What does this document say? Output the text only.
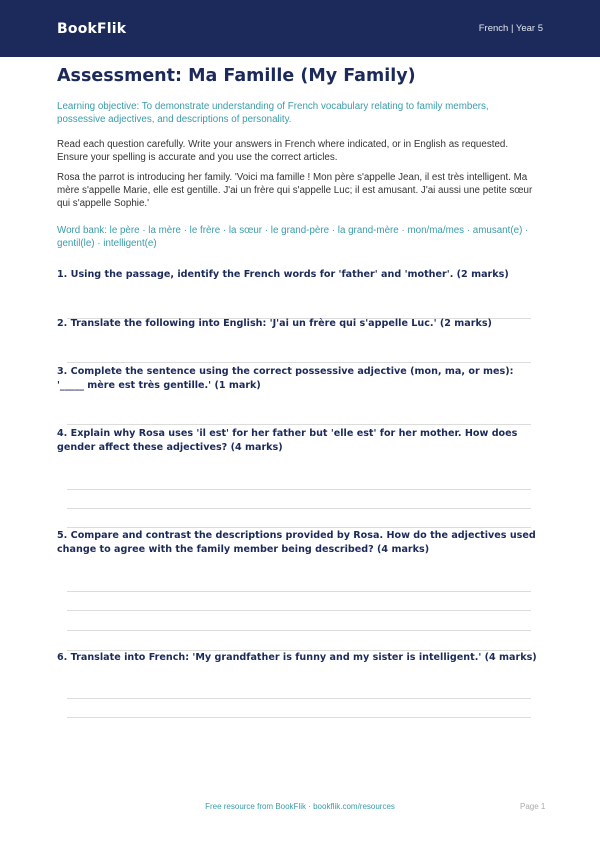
BookFlik	French | Year 5
Assessment: Ma Famille (My Family)
Learning objective: To demonstrate understanding of French vocabulary relating to family members, possessive adjectives, and descriptions of personality.
Read each question carefully. Write your answers in French where indicated, or in English as requested. Ensure your spelling is accurate and you use the correct articles.
Rosa the parrot is introducing her family. 'Voici ma famille ! Mon père s'appelle Jean, il est très intelligent. Ma mère s'appelle Marie, elle est gentille. J'ai un frère qui s'appelle Luc; il est amusant. J'ai aussi une petite sœur qui s'appelle Sophie.'
Word bank: le père · la mère · le frère · la sœur · le grand-père · la grand-mère · mon/ma/mes · amusant(e) · gentil(le) · intelligent(e)
1. Using the passage, identify the French words for 'father' and 'mother'. (2 marks)
2. Translate the following into English: 'J'ai un frère qui s'appelle Luc.' (2 marks)
3. Complete the sentence using the correct possessive adjective (mon, ma, or mes): '_____ mère est très gentille.' (1 mark)
4. Explain why Rosa uses 'il est' for her father but 'elle est' for her mother. How does gender affect these adjectives? (4 marks)
5. Compare and contrast the descriptions provided by Rosa. How do the adjectives used change to agree with the family member being described? (4 marks)
6. Translate into French: 'My grandfather is funny and my sister is intelligent.' (4 marks)
Free resource from BookFlik · bookflik.com/resources	Page 1
